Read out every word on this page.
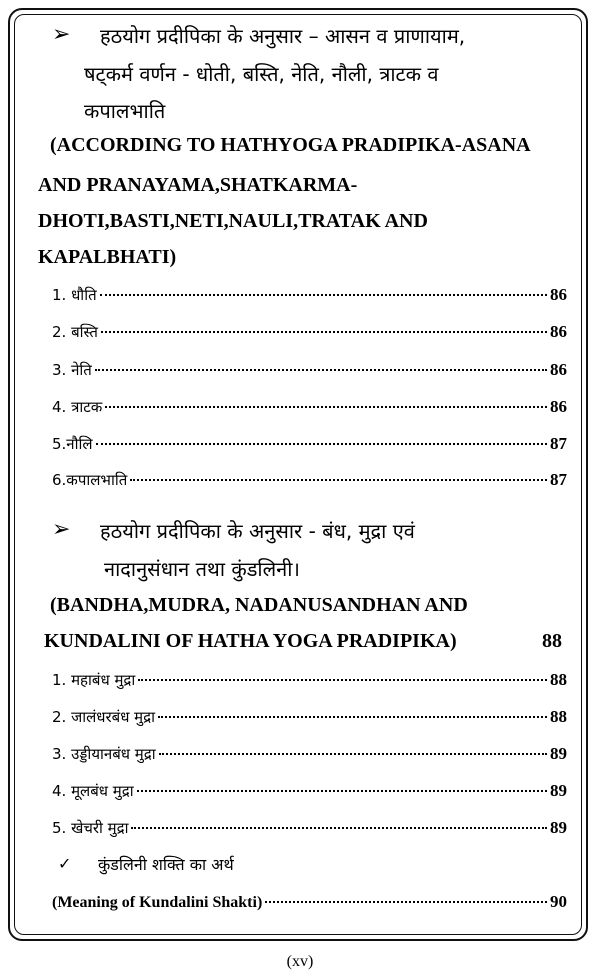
➢ हठयोग प्रदीपिका के अनुसार – आसन व प्राणायाम,
षट्कर्म वर्णन - धोती, बस्ति, नेति, नौली, त्राटक व
कपालभाति
(ACCORDING TO HATHYOGA PRADIPIKA-ASANA
AND PRANAYAMA,SHATKARMA-
DHOTI,BASTI,NETI,NAULI,TRATAK AND
KAPALBHATI)
1. धौति	86
2. बस्ति	86
3. नेति	86
4. त्राटक	86
5.नौलि	87
6.कपालभाति	87
➢ हठयोग प्रदीपिका के अनुसार - बंध, मुद्रा एवं
नादानुसंधान तथा कुंडलिनी।
(BANDHA,MUDRA, NADANUSANDHAN AND
KUNDALINI OF HATHA YOGA PRADIPIKA)	88
1. महाबंध मुद्रा	88
2. जालंधरबंध मुद्रा	88
3. उड्डीयानबंध मुद्रा	89
4. मूलबंध मुद्रा	89
5. खेचरी मुद्रा	89
✓ कुंडलिनी शक्ति का अर्थ
(Meaning of Kundalini Shakti)	90
(xv)
